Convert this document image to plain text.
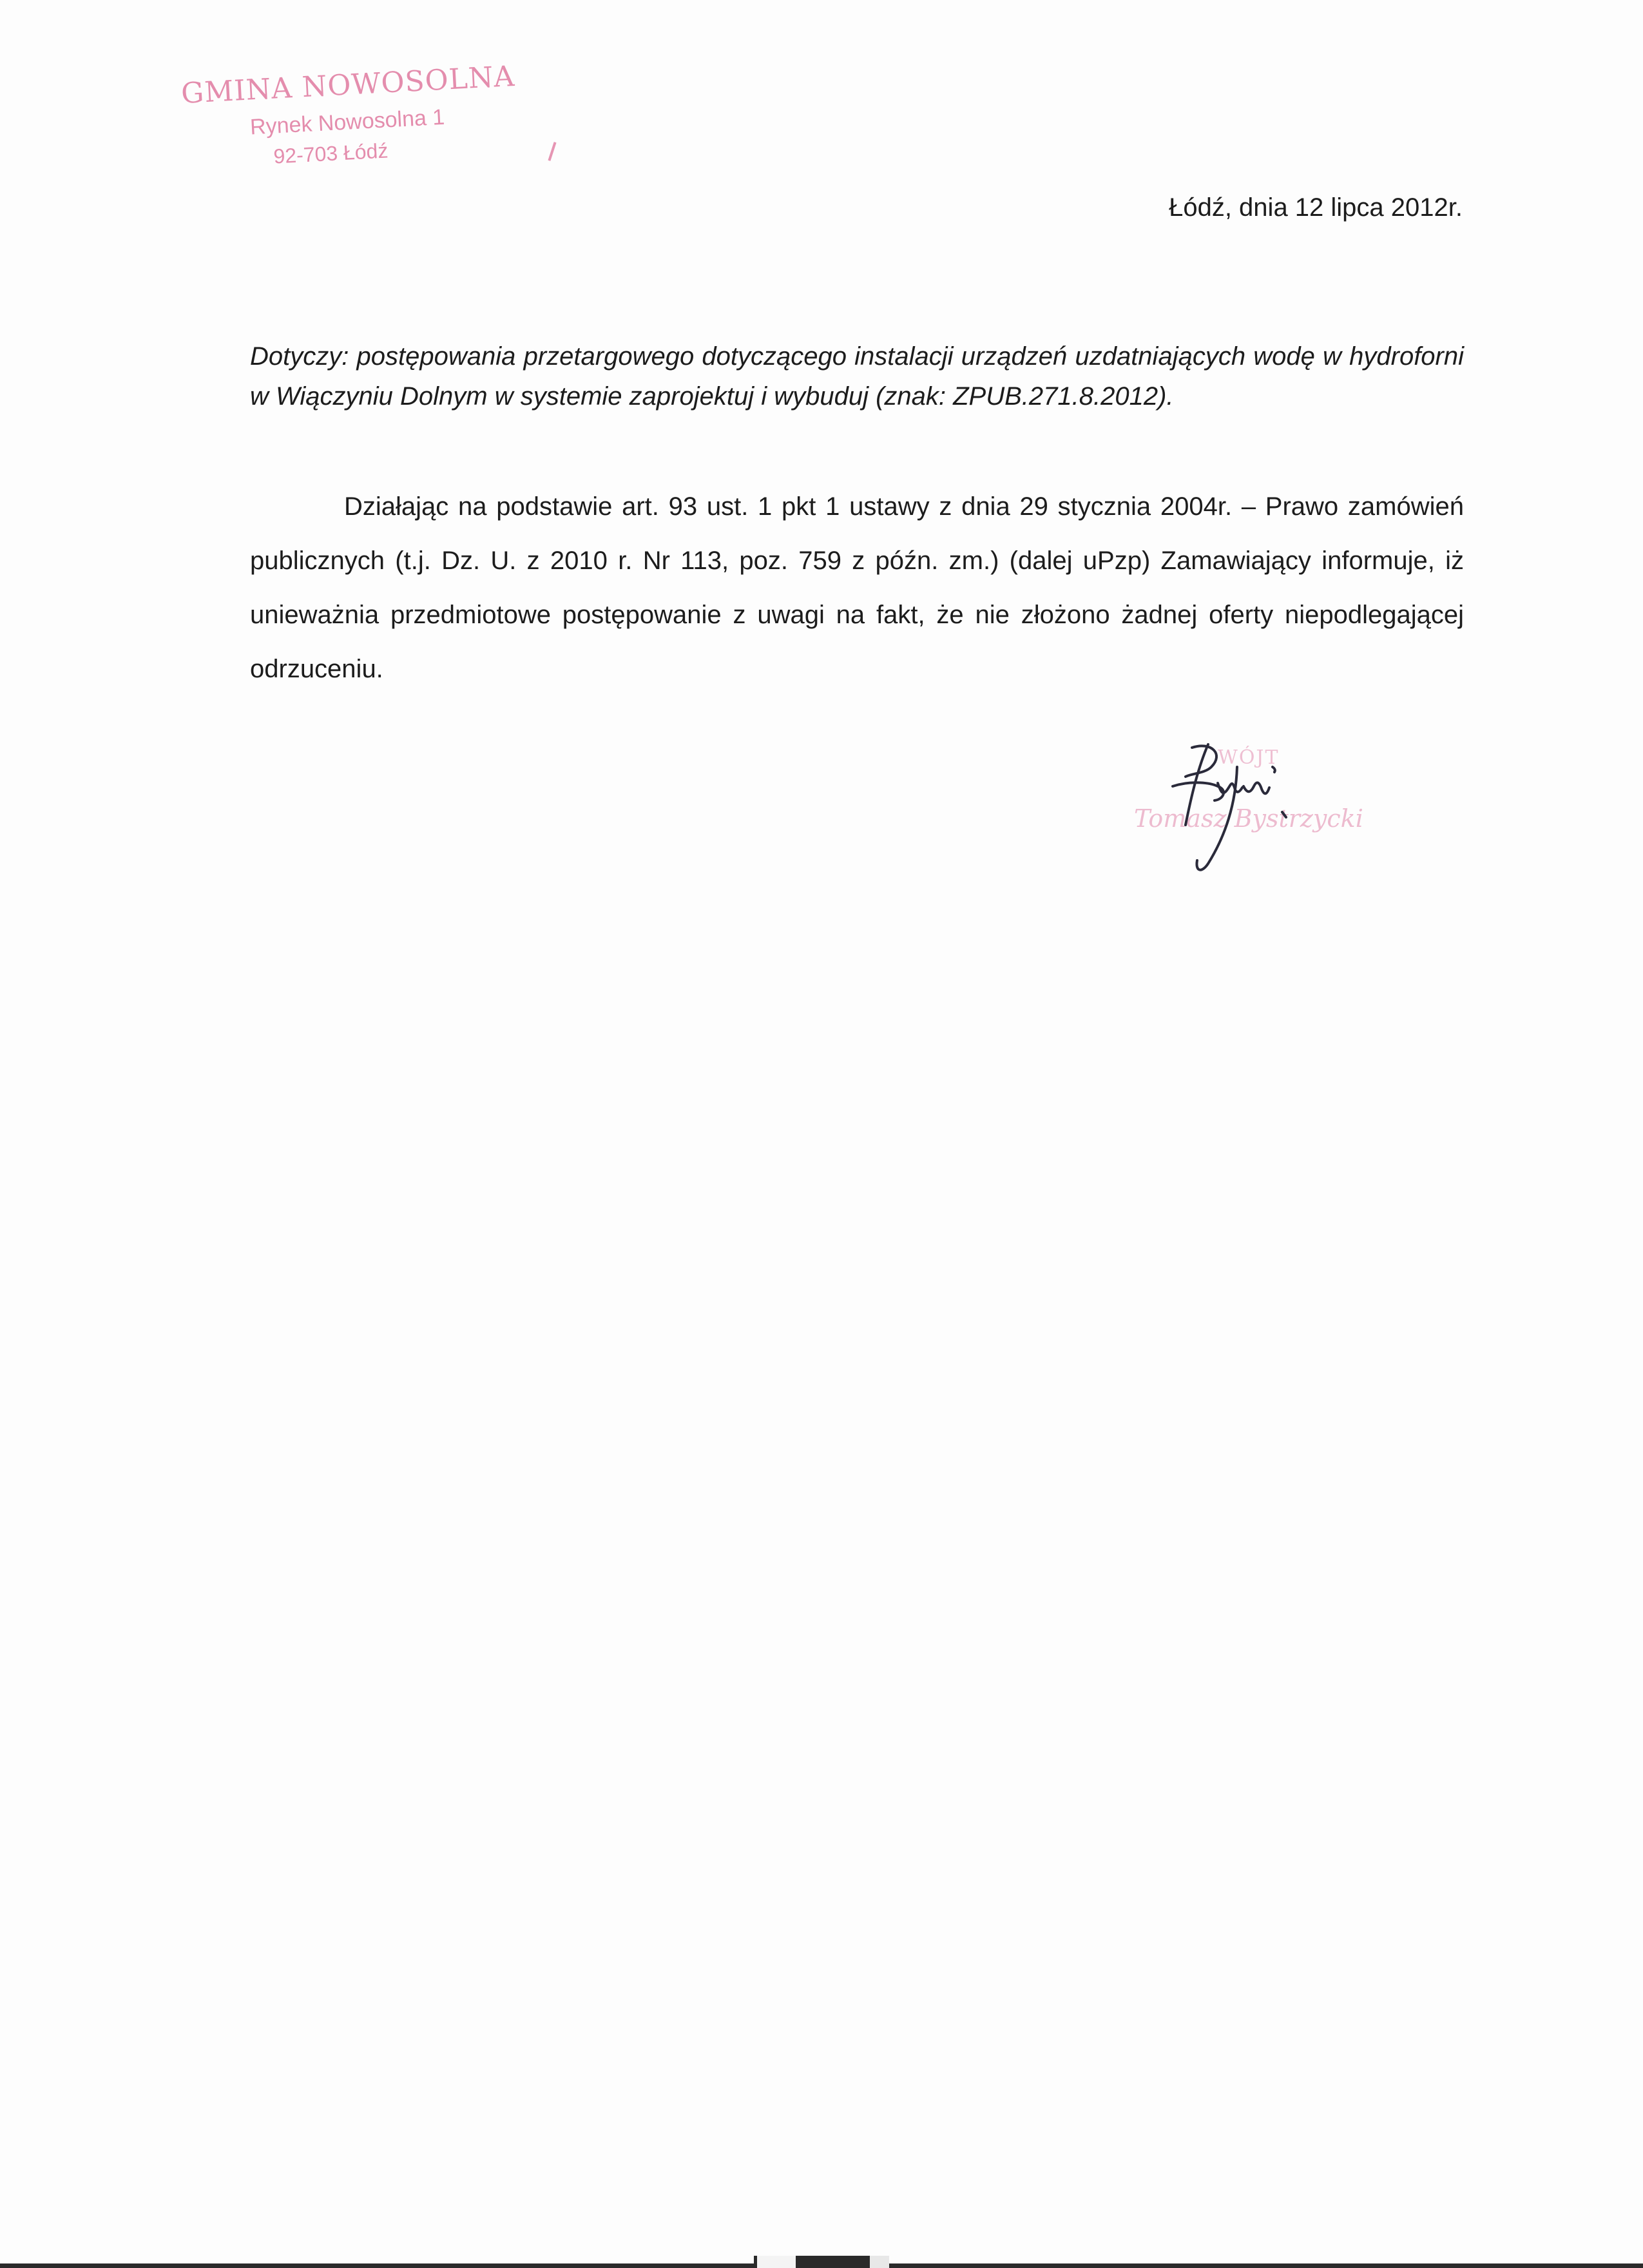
GMINA NOWOSOLNA
Rynek Nowosolna 1
92-703 Łódź
Łódź, dnia 12 lipca 2012r.
Dotyczy: postępowania przetargowego dotyczącego instalacji urządzeń uzdatniających wodę w hydroforni w Wiączyniu Dolnym w systemie zaprojektuj i wybuduj (znak: ZPUB.271.8.2012).
Działając na podstawie art. 93 ust. 1 pkt 1 ustawy z dnia 29 stycznia 2004r. – Prawo zamówień publicznych (t.j. Dz. U. z 2010 r. Nr 113, poz. 759 z późn. zm.) (dalej uPzp) Zamawiający informuje, iż unieważnia przedmiotowe postępowanie z uwagi na fakt, że nie złożono żadnej oferty niepodlegającej odrzuceniu.
WÓJT
Tomasz Bystrzycki
